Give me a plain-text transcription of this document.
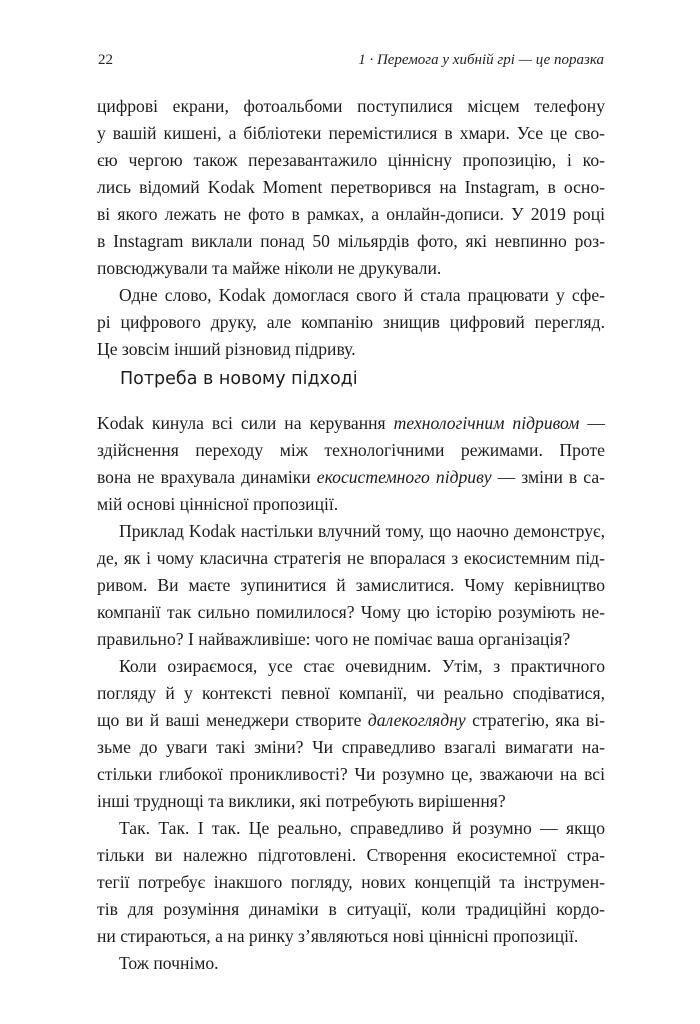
22	1 · Перемога у хибній грі — це поразка
цифрові екрани, фотоальбоми поступилися місцем телефону
у вашій кишені, а бібліотеки перемістилися в хмари. Усе це сво-
єю чергою також перезавантажило ціннісну пропозицію, і ко-
лись відомий Kodak Moment перетворився на Instagram, в осно-
ві якого лежать не фото в рамках, а онлайн-дописи. У 2019 році
в Instagram виклали понад 50 мільярдів фото, які невпинно роз-
повсюджували та майже ніколи не друкували.
Одне слово, Kodak домоглася свого й стала працювати у сфе-
рі цифрового друку, але компанію знищив цифровий перегляд.
Це зовсім інший різновид підриву.
Потреба в новому підході
Kodak кинула всі сили на керування технологічним підривом —
здійснення переходу між технологічними режимами. Проте
вона не врахувала динаміки екосистемного підриву — зміни в са-
мій основі ціннісної пропозиції.
Приклад Kodak настільки влучний тому, що наочно демонструє,
де, як і чому класична стратегія не впоралася з екосистемним під-
ривом. Ви маєте зупинитися й замислитися. Чому керівництво
компанії так сильно помилилося? Чому цю історію розуміють не-
правильно? І найважливіше: чого не помічає ваша організація?
Коли озираємося, усе стає очевидним. Утім, з практичного
погляду й у контексті певної компанії, чи реально сподіватися,
що ви й ваші менеджери створите далекоглядну стратегію, яка ві-
зьме до уваги такі зміни? Чи справедливо взагалі вимагати на-
стільки глибокої проникливості? Чи розумно це, зважаючи на всі
інші труднощі та виклики, які потребують вирішення?
Так. Так. І так. Це реально, справедливо й розумно — якщо
тільки ви належно підготовлені. Створення екосистемної стра-
тегії потребує інакшого погляду, нових концепцій та інструмен-
тів для розуміння динаміки в ситуації, коли традиційні кордо-
ни стираються, а на ринку з’являються нові ціннісні пропозиції.
Тож почнімо.
